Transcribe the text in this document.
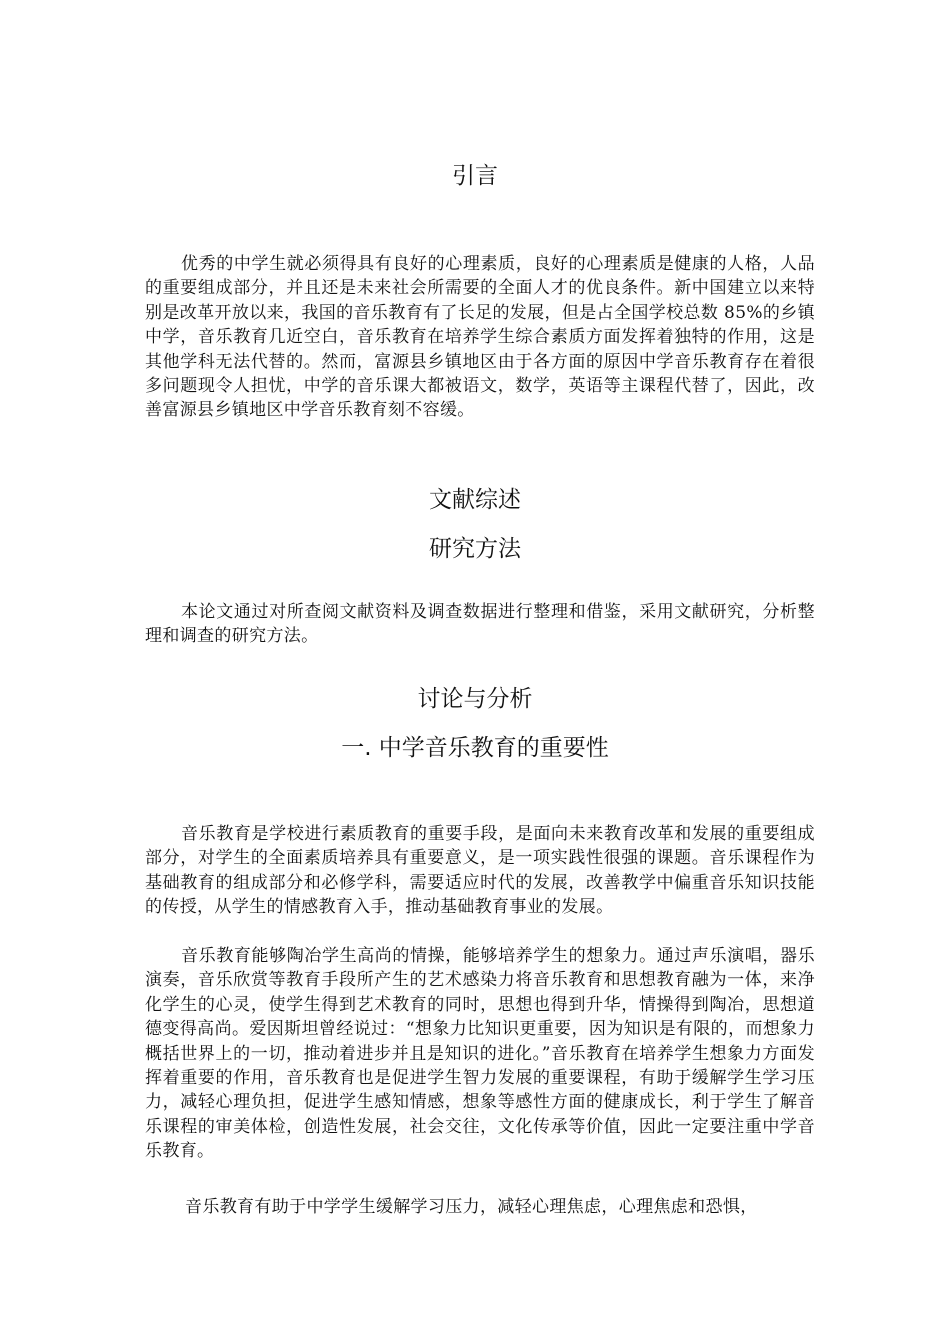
引言

优秀的中学生就必须得具有良好的心理素质，良好的心理素质是健康的人格，人品的重要组成部分，并且还是未来社会所需要的全面人才的优良条件。新中国建立以来特别是改革开放以来，我国的音乐教育有了长足的发展，但是占全国学校总数 85%的乡镇中学，音乐教育几近空白，音乐教育在培养学生综合素质方面发挥着独特的作用，这是其他学科无法代替的。然而，富源县乡镇地区由于各方面的原因中学音乐教育存在着很多问题现令人担忧，中学的音乐课大都被语文，数学，英语等主课程代替了，因此，改善富源县乡镇地区中学音乐教育刻不容缓。

文献综述
研究方法

本论文通过对所查阅文献资料及调查数据进行整理和借鉴，采用文献研究，分析整理和调查的研究方法。

讨论与分析
一. 中学音乐教育的重要性

音乐教育是学校进行素质教育的重要手段，是面向未来教育改革和发展的重要组成部分，对学生的全面素质培养具有重要意义，是一项实践性很强的课题。音乐课程作为基础教育的组成部分和必修学科，需要适应时代的发展，改善教学中偏重音乐知识技能的传授，从学生的情感教育入手，推动基础教育事业的发展。

音乐教育能够陶冶学生高尚的情操，能够培养学生的想象力。通过声乐演唱，器乐演奏，音乐欣赏等教育手段所产生的艺术感染力将音乐教育和思想教育融为一体，来净化学生的心灵，使学生得到艺术教育的同时，思想也得到升华，情操得到陶冶，思想道德变得高尚。爱因斯坦曾经说过：“想象力比知识更重要，因为知识是有限的，而想象力概括世界上的一切，推动着进步并且是知识的进化。”音乐教育在培养学生想象力方面发挥着重要的作用，音乐教育也是促进学生智力发展的重要课程，有助于缓解学生学习压力，减轻心理负担，促进学生感知情感，想象等感性方面的健康成长，利于学生了解音乐课程的审美体检，创造性发展，社会交往，文化传承等价值，因此一定要注重中学音乐教育。

音乐教育有助于中学学生缓解学习压力，减轻心理焦虑，心理焦虑和恐惧，
